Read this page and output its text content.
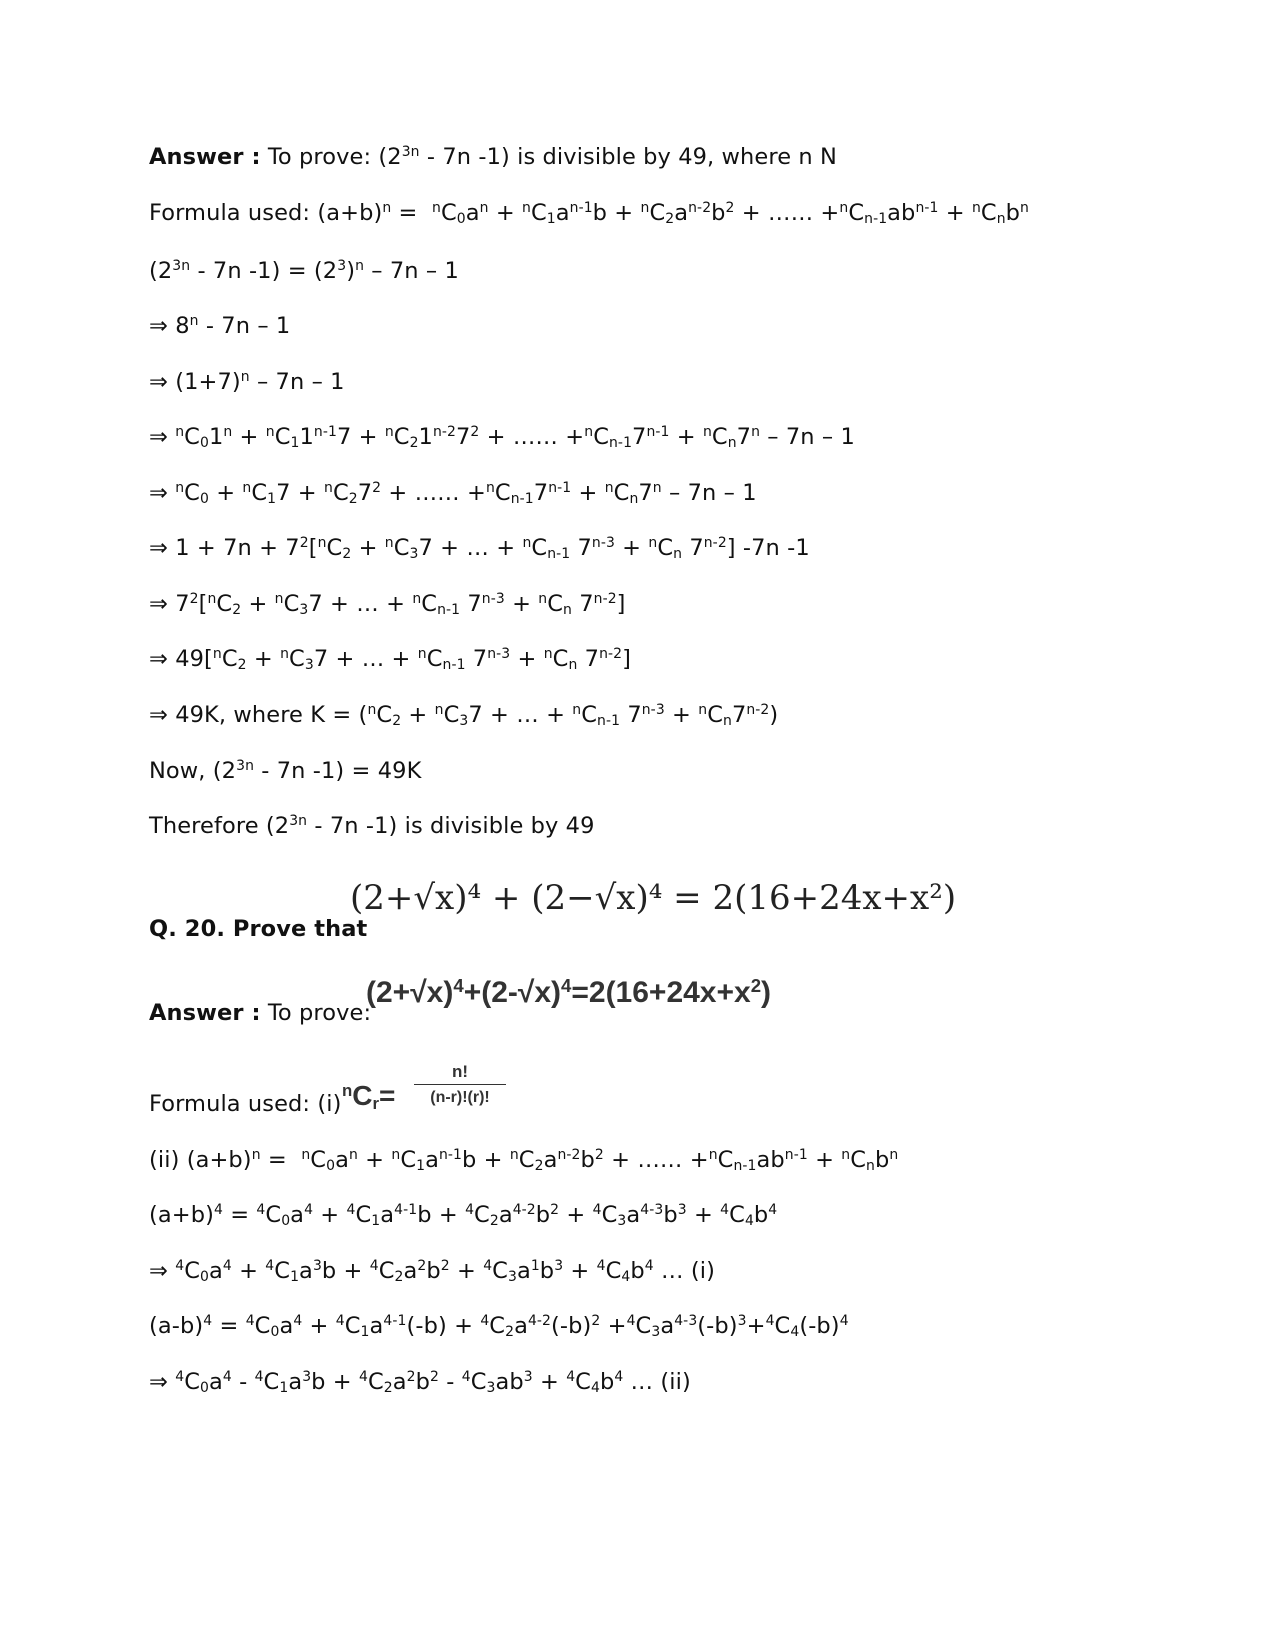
Answer : To prove: ($2^{3n} - 7n$ -1) is divisible by 49, where n N
Formula used: $(a+b)^n = ^nC_0a^n + ^nC_1a^{n-1}b + ^nC_2a^{n-2}b^2$ + …… $+^nC_{n-1}ab^{n-1} + ^nC_nb^n$
($2^{3n} - 7n$ $-1) = (2^3)^n - 7n - 1$
⇒ 8$^n$ - 7n – 1
⇒ $(1+7)^n - 7n - 1$
⇒ $^nC_01^n + ^nC_11^{n-1}7 + ^nC_21^{n-2}7^2$ + …… $+^nC_{n-1}7^{n-1} + ^nC_n7^n - 7n - 1$
⇒ $^nC_0 + ^nC_17 + ^nC_27^2$ + …… $+^nC_{n-1}7^{n-1} + ^nC_n7^n - 7n - 1$
⇒ $1 + 7n + 7^2[^nC_2 + ^nC_37$ + … + $^nC_{n-1}$ $7^{n-3} + ^nC_n$ 7$^{n-2}$] -7n -1
⇒ $7^2[^nC_2 + ^nC_37$ + … + $^nC_{n-1}$ $7^{n-3} + ^nC_n$ 7$^{n-2}$]
⇒ $49[^nC_2 + ^nC_37$ + … + $^nC_{n-1}$ $7^{n-3} + ^nC_n$ 7$^{n-2}$]
⇒ 49K, where $K = (^nC_2 + ^nC_37$ + … + $^nC_{n-1}$ $7^{n-3} + ^nC_n7^{n-2}$)
Now, ($2^{3n} - 7n$ -1) = 49K
Therefore ($2^{3n} - 7n$ -1) is divisible by 49
Q. 20. Prove that
(2+√x)⁴ + (2−√x)⁴ = 2(16+24x+x²)
Answer : To prove:
$(2+√x)^4+(2-√x)^4=2(16+24x+x^2)$
Formula used: (i)
$^nC_r=$
n!
(n-r)!(r)!
(ii) $(a+b)^n = ^nC_0a^n + ^nC_1a^{n-1}b + ^nC_2a^{n-2}b^2$ + …… $+^nC_{n-1}ab^{n-1} + ^nC_nb^n$
$(a+b)^4 = ^4C_0a^4 + ^4C_1a^{4-1}b + ^4C_2a^{4-2}b^2 + ^4C_3a^{4-3}b^3 + ^4C_4b^4$
⇒ $^4C_0a^4 + ^4C_1a^3b + ^4C_2a^2b^2 + ^4C_3a^1b^3 + ^4C_4b^4$ … (i)
$(a-b)^4 = ^4C_0a^4 + ^4C_1a^{4-1}(-b) + ^4C_2a^{4-2}(-b)^2 +^4C_3a^{4-3}(-b)^3+^4C_4(-b)^4$
⇒ $^4C_0a^4 - ^4C_1a^3b + ^4C_2a^2b^2 - ^4C_3ab^3 + ^4C_4b^4$ … (ii)
